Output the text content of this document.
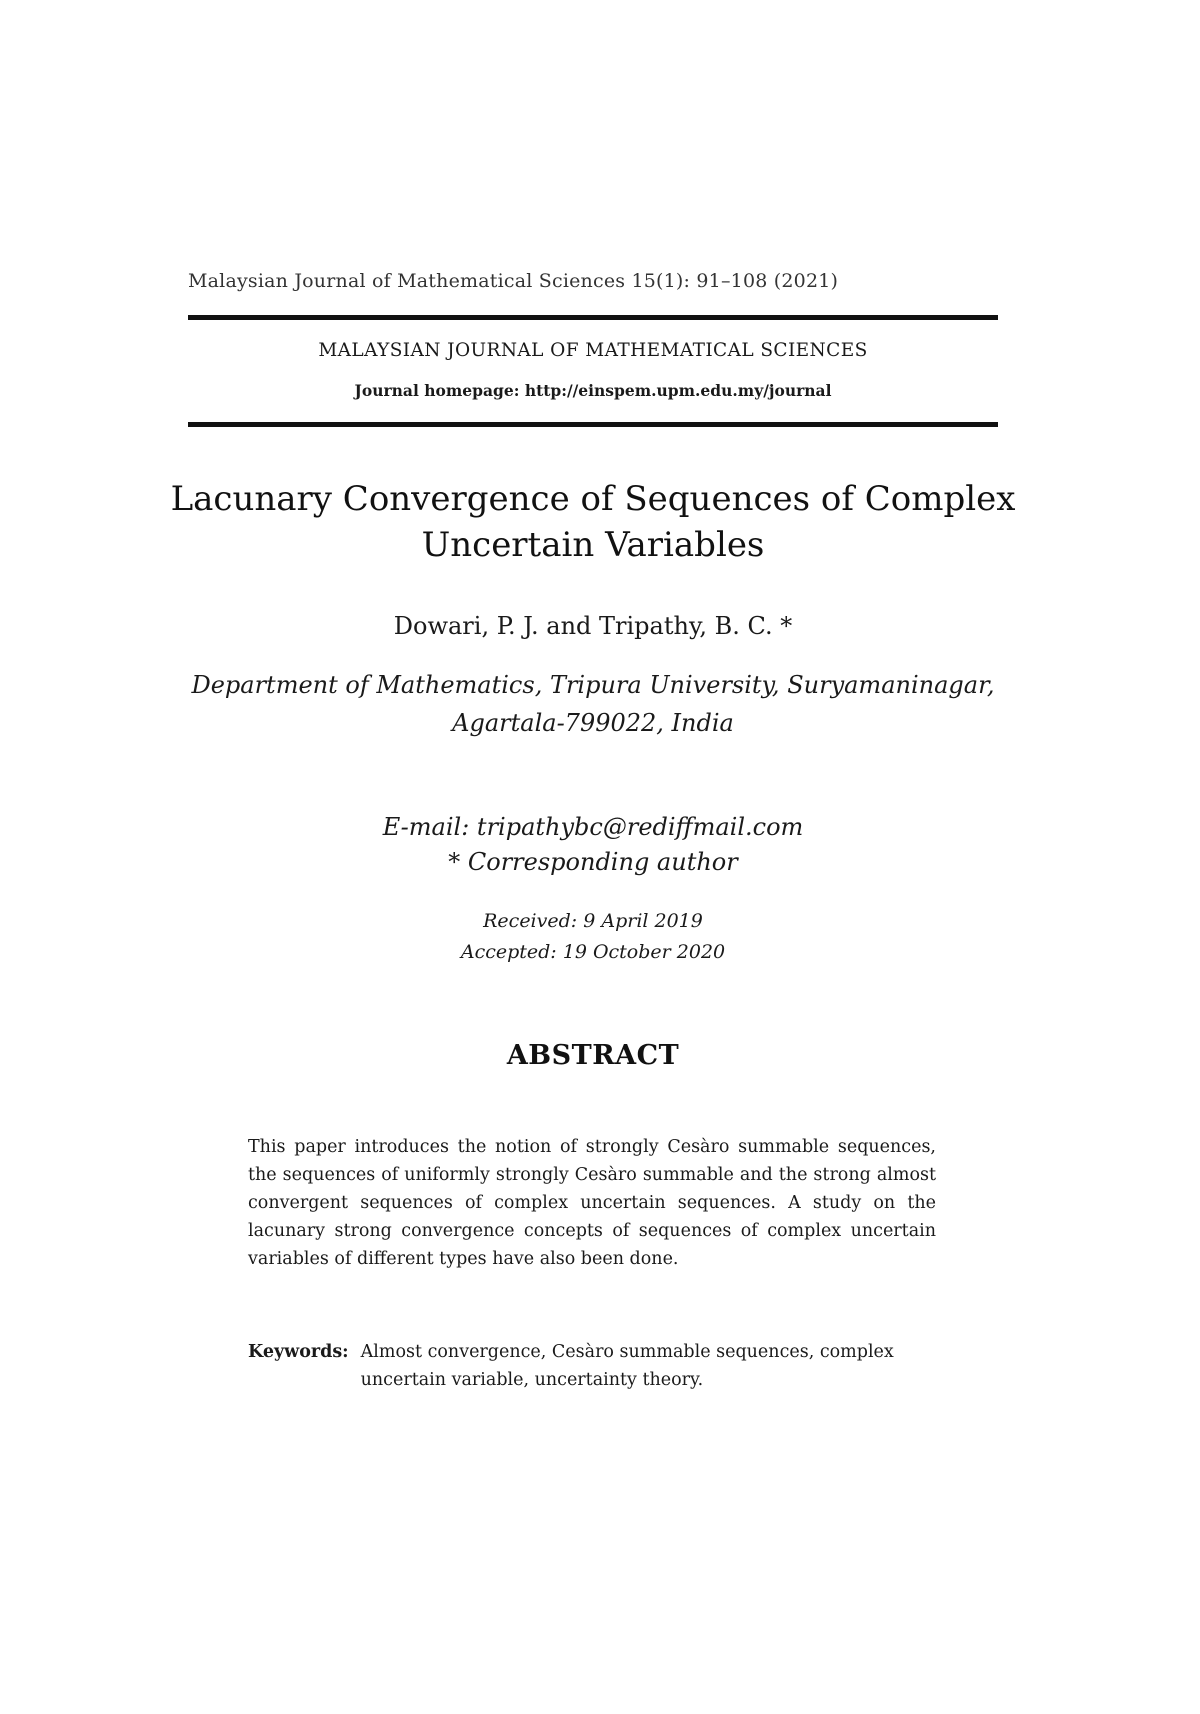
Malaysian Journal of Mathematical Sciences 15(1): 91–108 (2021)
MALAYSIAN JOURNAL OF MATHEMATICAL SCIENCES
Journal homepage: http://einspem.upm.edu.my/journal
Lacunary Convergence of Sequences of Complex
Uncertain Variables
Dowari, P. J. and Tripathy, B. C. *
Department of Mathematics, Tripura University, Suryamaninagar,
Agartala-799022, India
E-mail: tripathybc@rediffmail.com
* Corresponding author
Received: 9 April 2019
Accepted: 19 October 2020
ABSTRACT
This paper introduces the notion of strongly Cesàro summable sequences, the sequences of uniformly strongly Cesàro summable and the strong almost convergent sequences of complex uncertain sequences. A study on the lacunary strong convergence concepts of sequences of complex uncertain variables of different types have also been done.
Keywords: Almost convergence, Cesàro summable sequences, complex uncertain variable, uncertainty theory.
